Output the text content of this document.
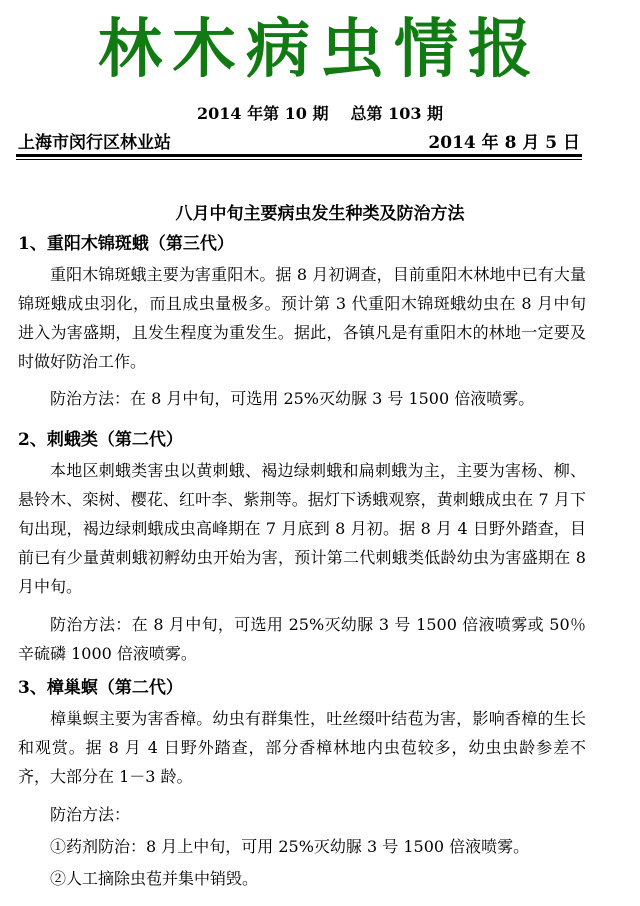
林木病虫情报
2014 年第 10 期 总第 103 期
上海市闵行区林业站	2014 年 8 月 5 日
八月中旬主要病虫发生种类及防治方法
1、重阳木锦斑蛾（第三代）

重阳木锦斑蛾主要为害重阳木。据 8 月初调查，目前重阳木林地中已有大量锦斑蛾成虫羽化，而且成虫量极多。预计第 3 代重阳木锦斑蛾幼虫在 8 月中旬进入为害盛期，且发生程度为重发生。据此，各镇凡是有重阳木的林地一定要及时做好防治工作。

防治方法：在 8 月中旬，可选用 25%灭幼脲 3 号 1500 倍液喷雾。

2、刺蛾类（第二代）

本地区刺蛾类害虫以黄刺蛾、褐边绿刺蛾和扁刺蛾为主，主要为害杨、柳、悬铃木、栾树、樱花、红叶李、紫荆等。据灯下诱蛾观察，黄刺蛾成虫在 7 月下旬出现，褐边绿刺蛾成虫高峰期在 7 月底到 8 月初。据 8 月 4 日野外踏查，目前已有少量黄刺蛾初孵幼虫开始为害，预计第二代刺蛾类低龄幼虫为害盛期在 8 月中旬。

防治方法：在 8 月中旬，可选用 25%灭幼脲 3 号 1500 倍液喷雾或 50％辛硫磷 1000 倍液喷雾。

3、樟巢螟（第二代）

樟巢螟主要为害香樟。幼虫有群集性，吐丝缀叶结苞为害，影响香樟的生长和观赏。据 8 月 4 日野外踏查，部分香樟林地内虫苞较多，幼虫虫龄参差不齐，大部分在 1－3 龄。

防治方法：

①药剂防治：8 月上中旬，可用 25%灭幼脲 3 号 1500 倍液喷雾。

②人工摘除虫苞并集中销毁。
